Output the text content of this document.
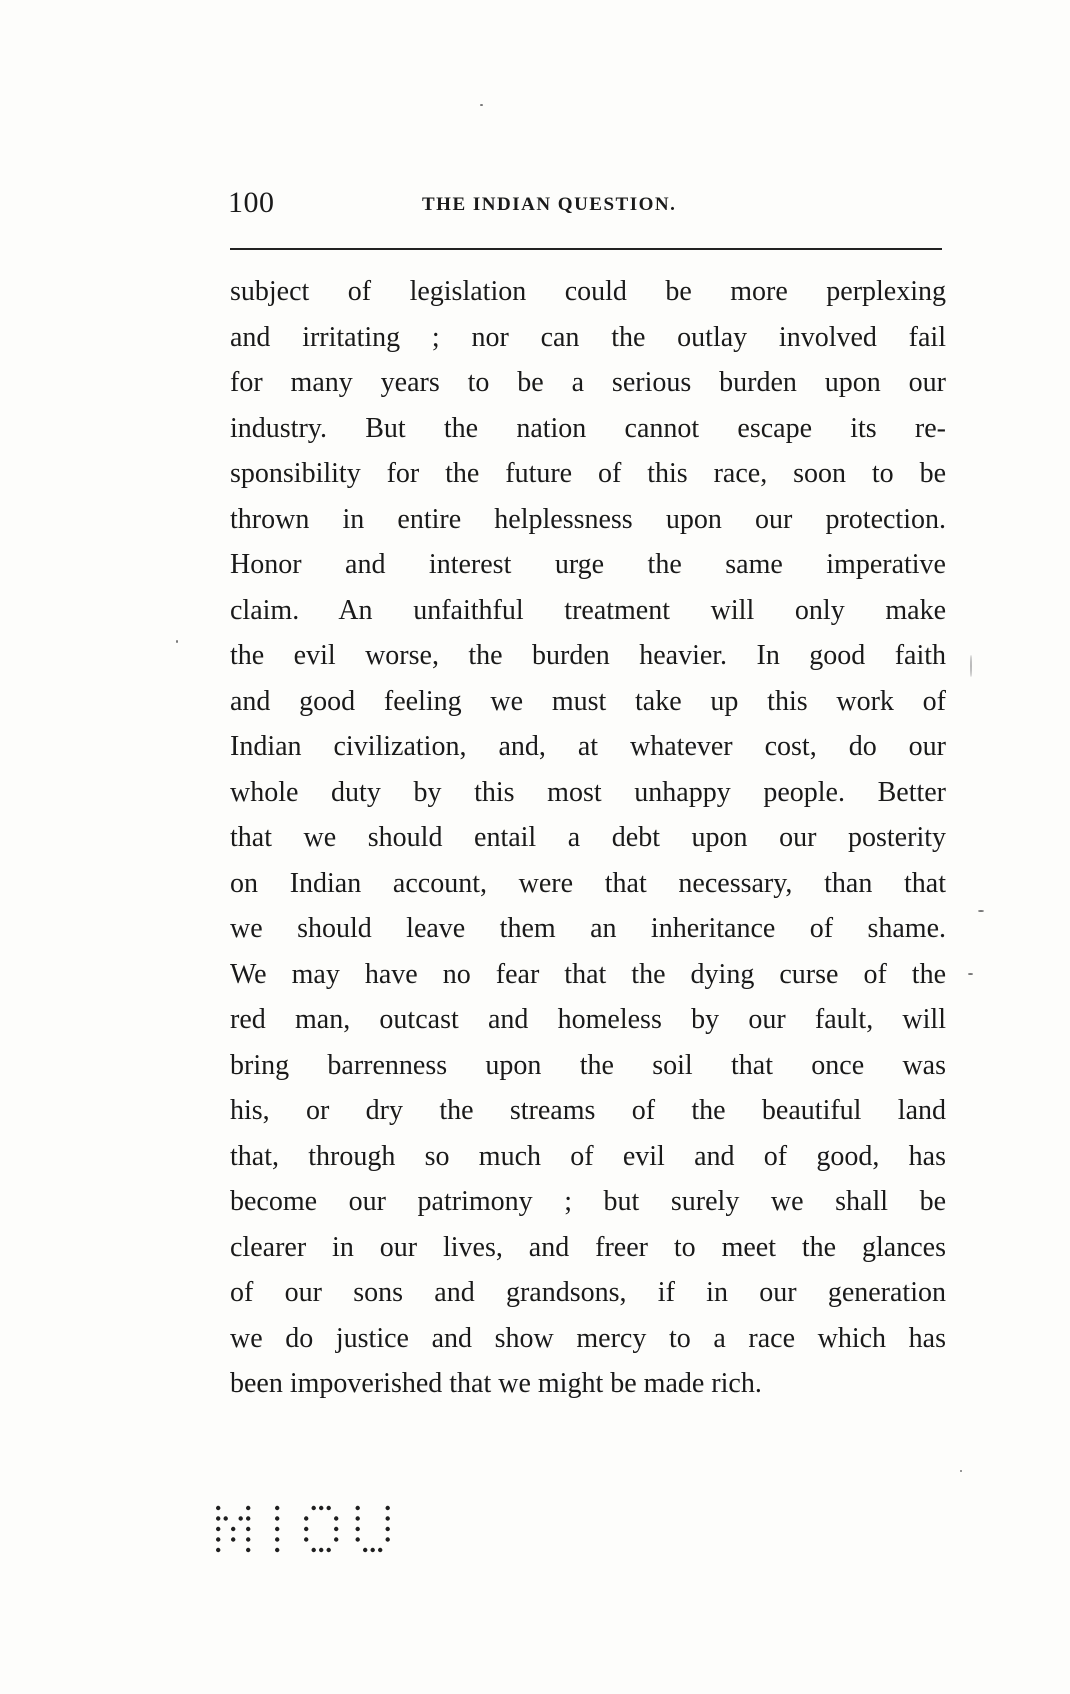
100	THE INDIAN QUESTION.
subject of legislation could be more perplexing
and irritating ; nor can the outlay involved fail
for many years to be a serious burden upon our
industry. But the nation cannot escape its re-
sponsibility for the future of this race, soon to be
thrown in entire helplessness upon our protection.
Honor and interest urge the same imperative
claim. An unfaithful treatment will only make
the evil worse, the burden heavier. In good faith
and good feeling we must take up this work of
Indian civilization, and, at whatever cost, do our
whole duty by this most unhappy people. Better
that we should entail a debt upon our posterity
on Indian account, were that necessary, than that
we should leave them an inheritance of shame.
We may have no fear that the dying curse of the
red man, outcast and homeless by our fault, will
bring barrenness upon the soil that once was
his, or dry the streams of the beautiful land
that, through so much of evil and of good, has
become our patrimony ; but surely we shall be
clearer in our lives, and freer to meet the glances
of our sons and grandsons, if in our generation
we do justice and show mercy to a race which has
been impoverished that we might be made rich.
